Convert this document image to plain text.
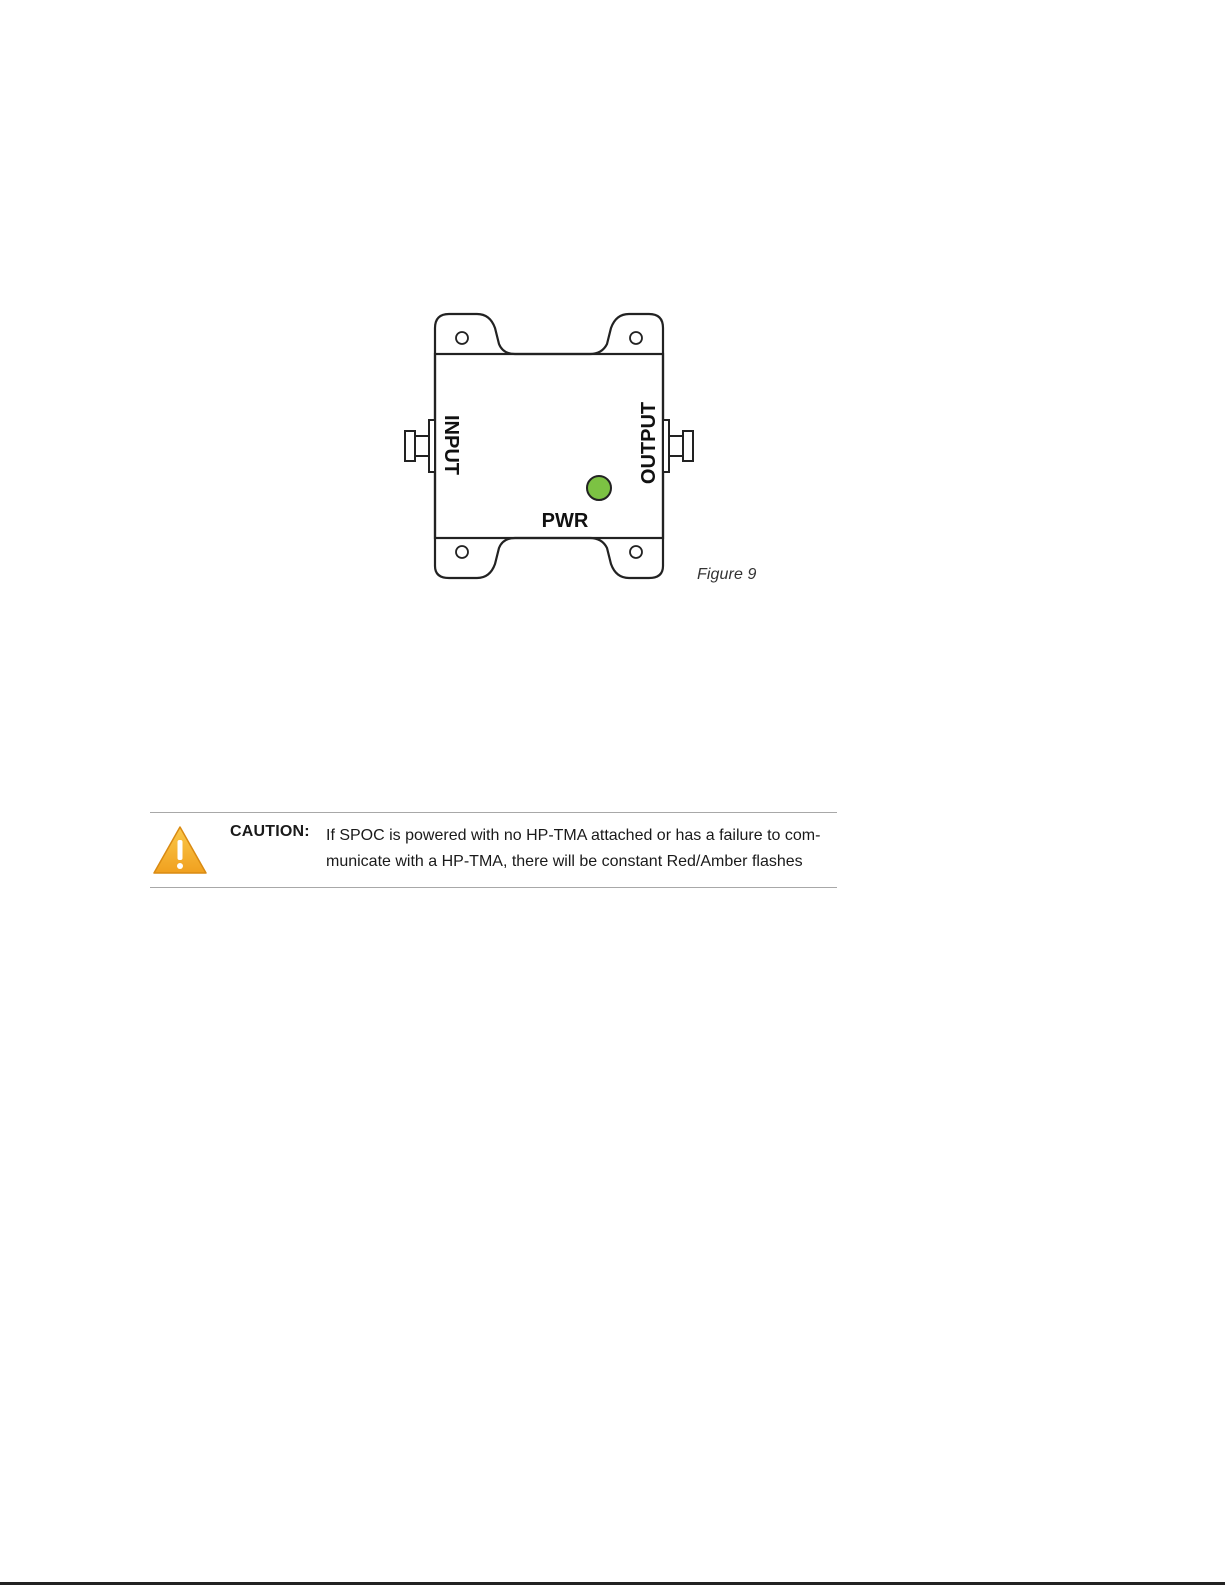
INPUT	OUTPUT
PWR
Figure 9
CAUTION: If SPOC is powered with no HP-TMA attached or has a failure to com-
municate with a HP-TMA, there will be constant Red/Amber flashes
